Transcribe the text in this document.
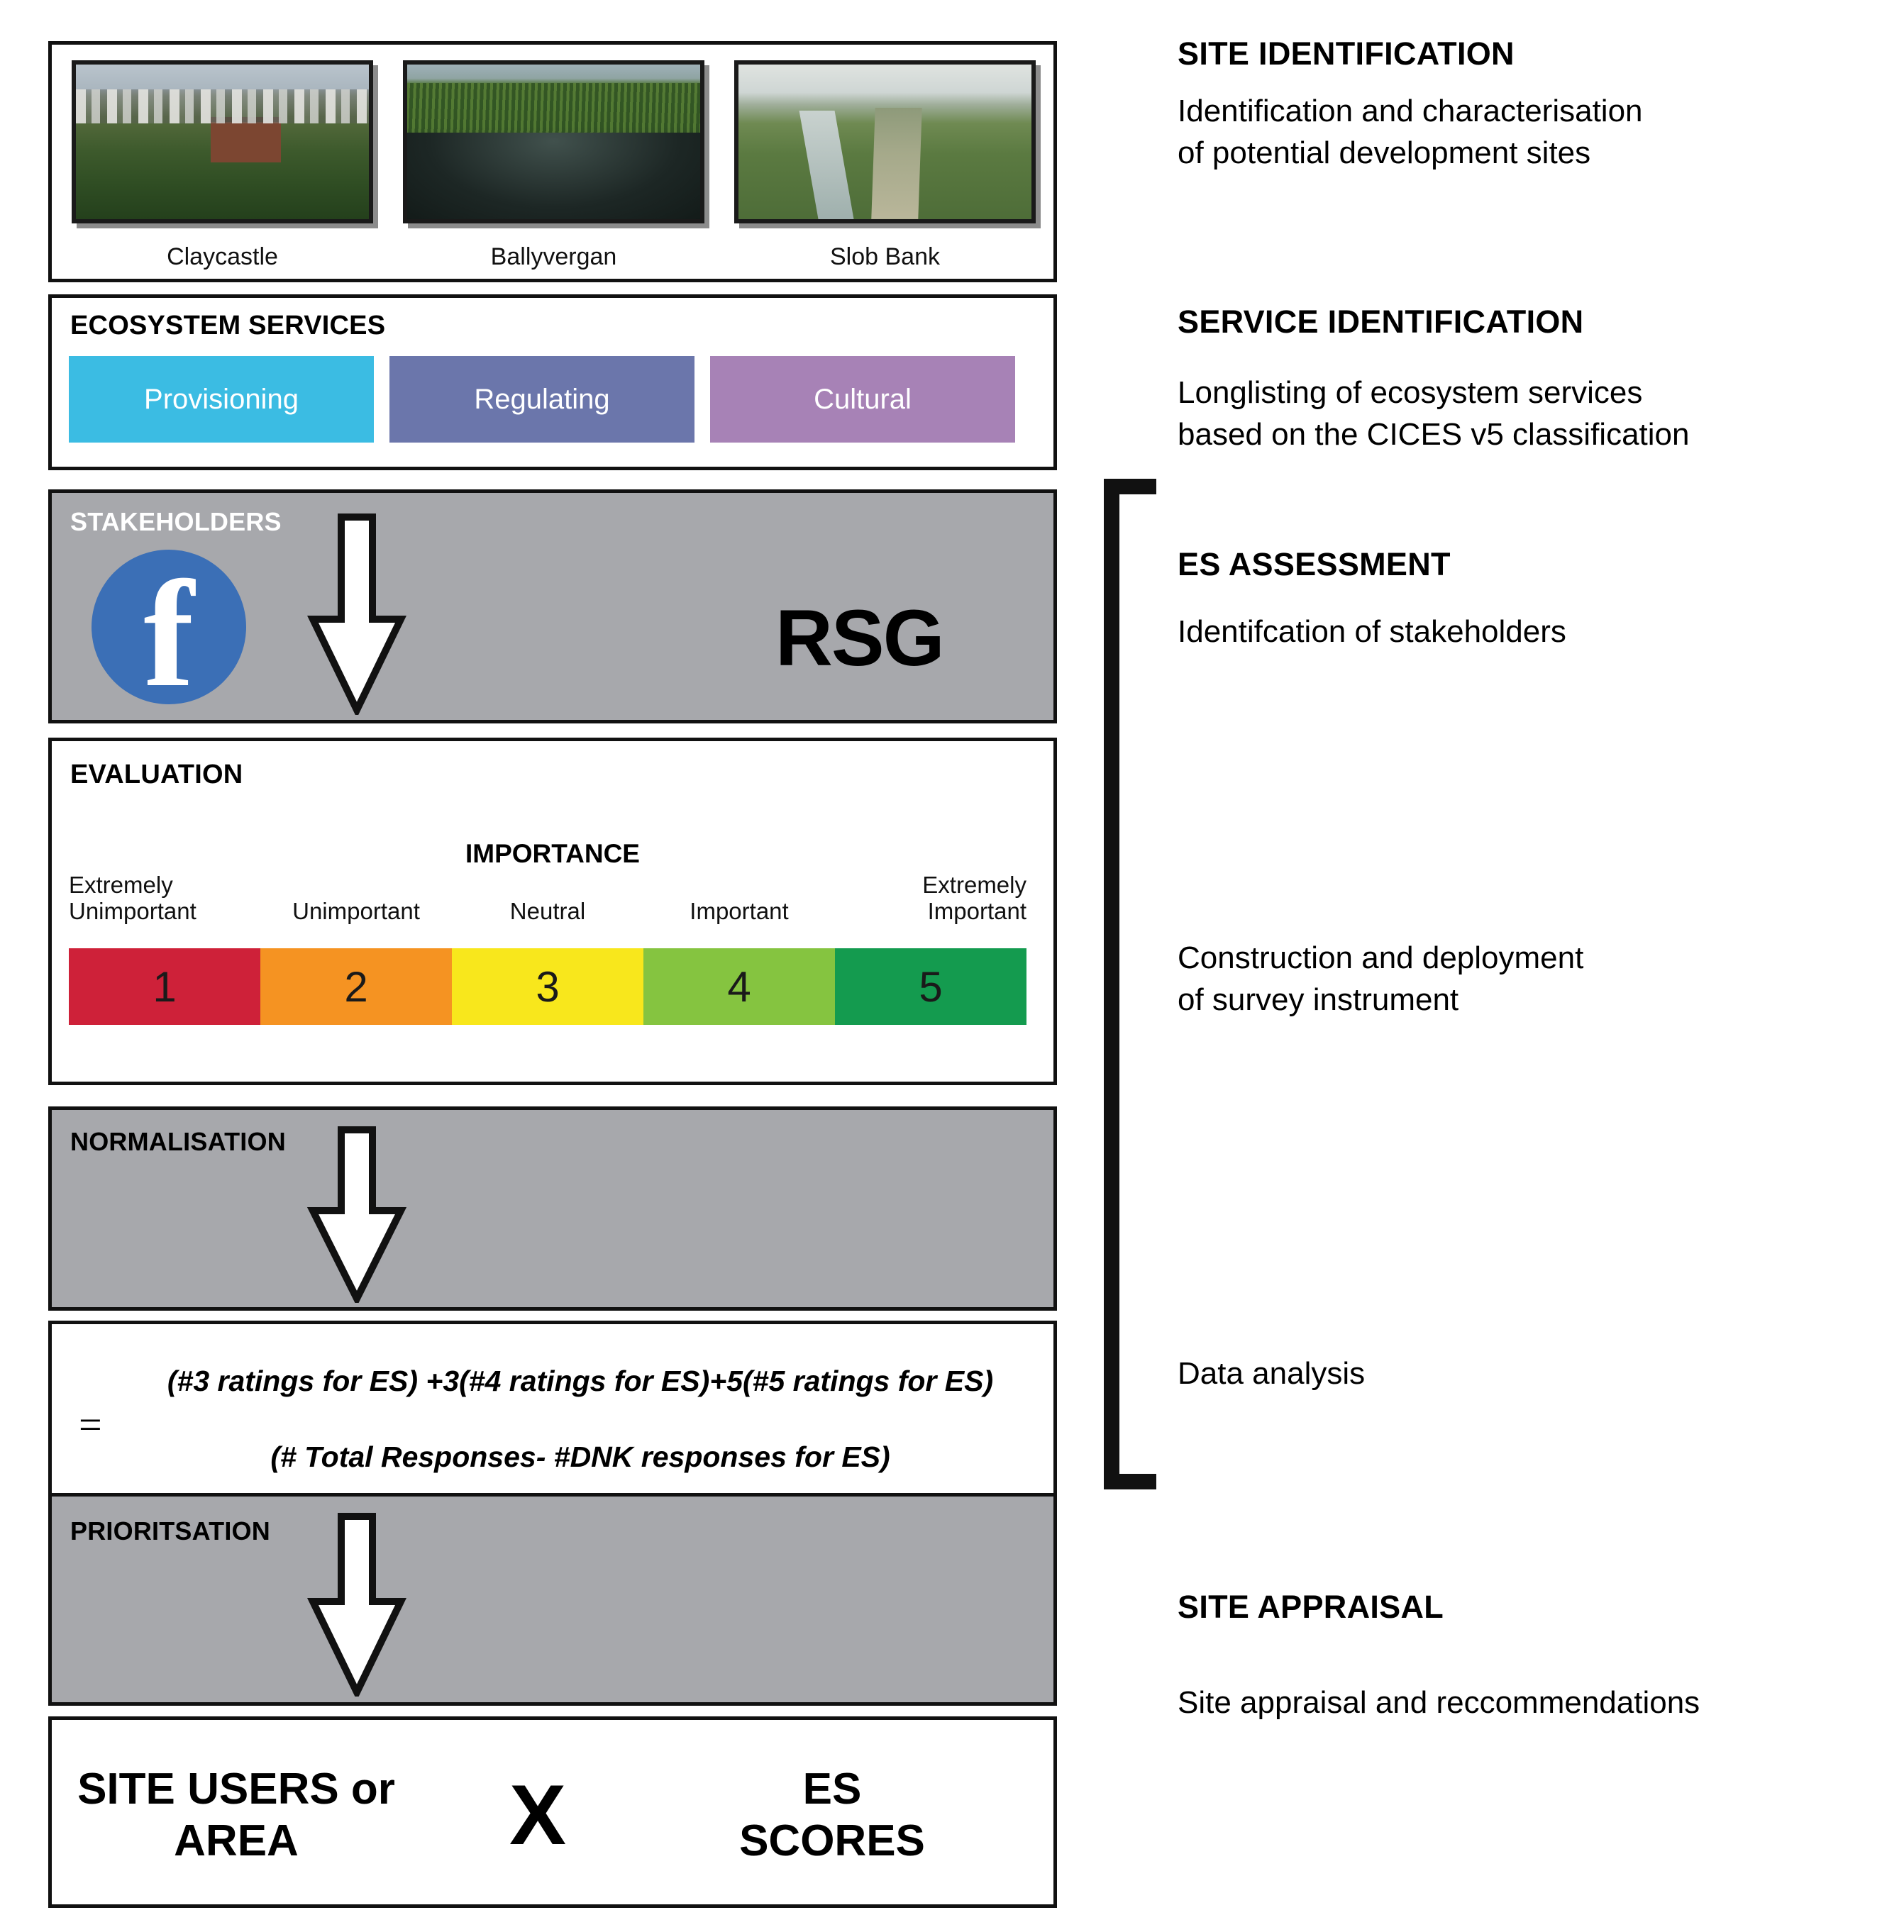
Claycastle	Ballyvergan	Slob Bank
ECOSYSTEM SERVICES
Provisioning	Regulating	Cultural
STAKEHOLDERS
f	RSG
EVALUATION
IMPORTANCE
Extremely
Unimportant	Unimportant	Neutral	Important
Extremely
Important
1	2	3	4	5
NORMALISATION
=
(#3 ratings for ES) +3(#4 ratings for ES)+5(#5 ratings for ES)
(# Total Responses- #DNK responses for ES)
PRIORITSATION
SITE USERS or
AREA	X	ES
SCORES
SITE IDENTIFICATION
Identification and characterisation
of potential development sites
SERVICE IDENTIFICATION
Longlisting of ecosystem services
based on the CICES v5 classification
ES ASSESSMENT
Identifcation of stakeholders
Construction and deployment
of survey instrument
Data analysis
SITE APPRAISAL
Site appraisal and reccommendations
